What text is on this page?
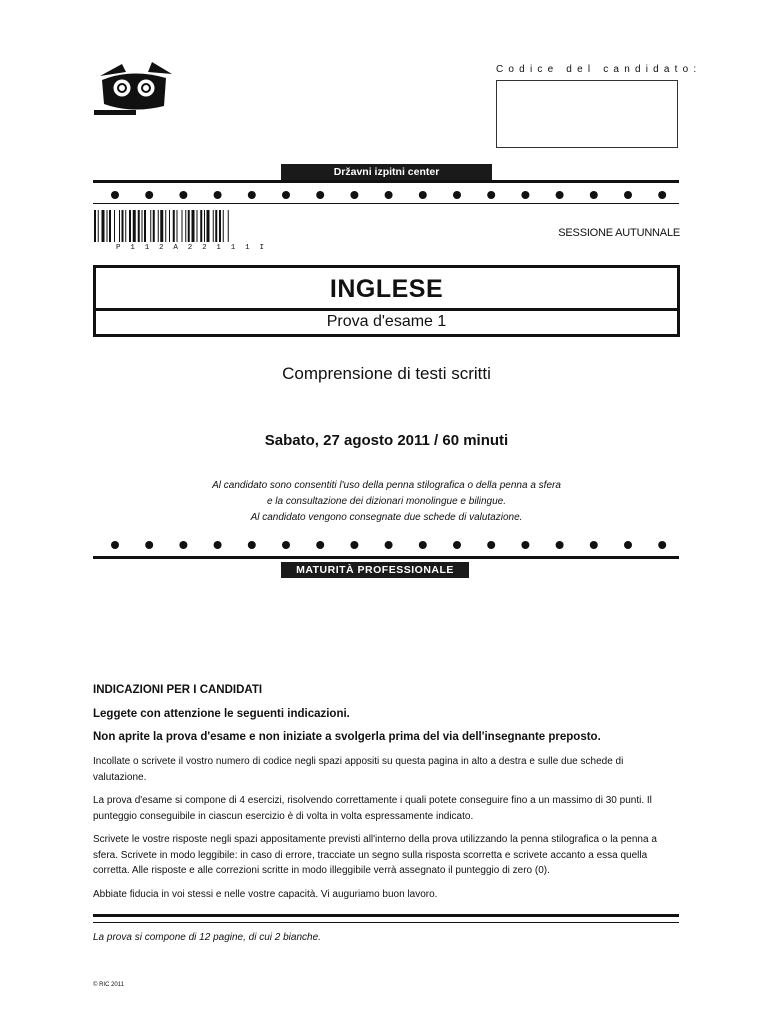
Codice del candidato:
Državni izpitni center
P 1 1 2 A 2 2 1 1 1 I
SESSIONE AUTUNNALE
INGLESE
Prova d'esame 1
Comprensione di testi scritti
Sabato, 27 agosto 2011 / 60 minuti
Al candidato sono consentiti l'uso della penna stilografica o della penna a sfera
e la consultazione dei dizionari monolingue e bilingue.
Al candidato vengono consegnate due schede di valutazione.
MATURITÀ PROFESSIONALE
INDICAZIONI PER I CANDIDATI
Leggete con attenzione le seguenti indicazioni.
Non aprite la prova d'esame e non iniziate a svolgerla prima del via dell'insegnante preposto.
Incollate o scrivete il vostro numero di codice negli spazi appositi su questa pagina in alto a destra e sulle due schede di valutazione.
La prova d'esame si compone di 4 esercizi, risolvendo correttamente i quali potete conseguire fino a un massimo di 30 punti. Il punteggio conseguibile in ciascun esercizio è di volta in volta espressamente indicato.
Scrivete le vostre risposte negli spazi appositamente previsti all'interno della prova utilizzando la penna stilografica o la penna a sfera. Scrivete in modo leggibile: in caso di errore, tracciate un segno sulla risposta scorretta e scrivete accanto a essa quella corretta. Alle risposte e alle correzioni scritte in modo illeggibile verrà assegnato il punteggio di zero (0).
Abbiate fiducia in voi stessi e nelle vostre capacità. Vi auguriamo buon lavoro.
La prova si compone di 12 pagine, di cui 2 bianche.
© RIC 2011
